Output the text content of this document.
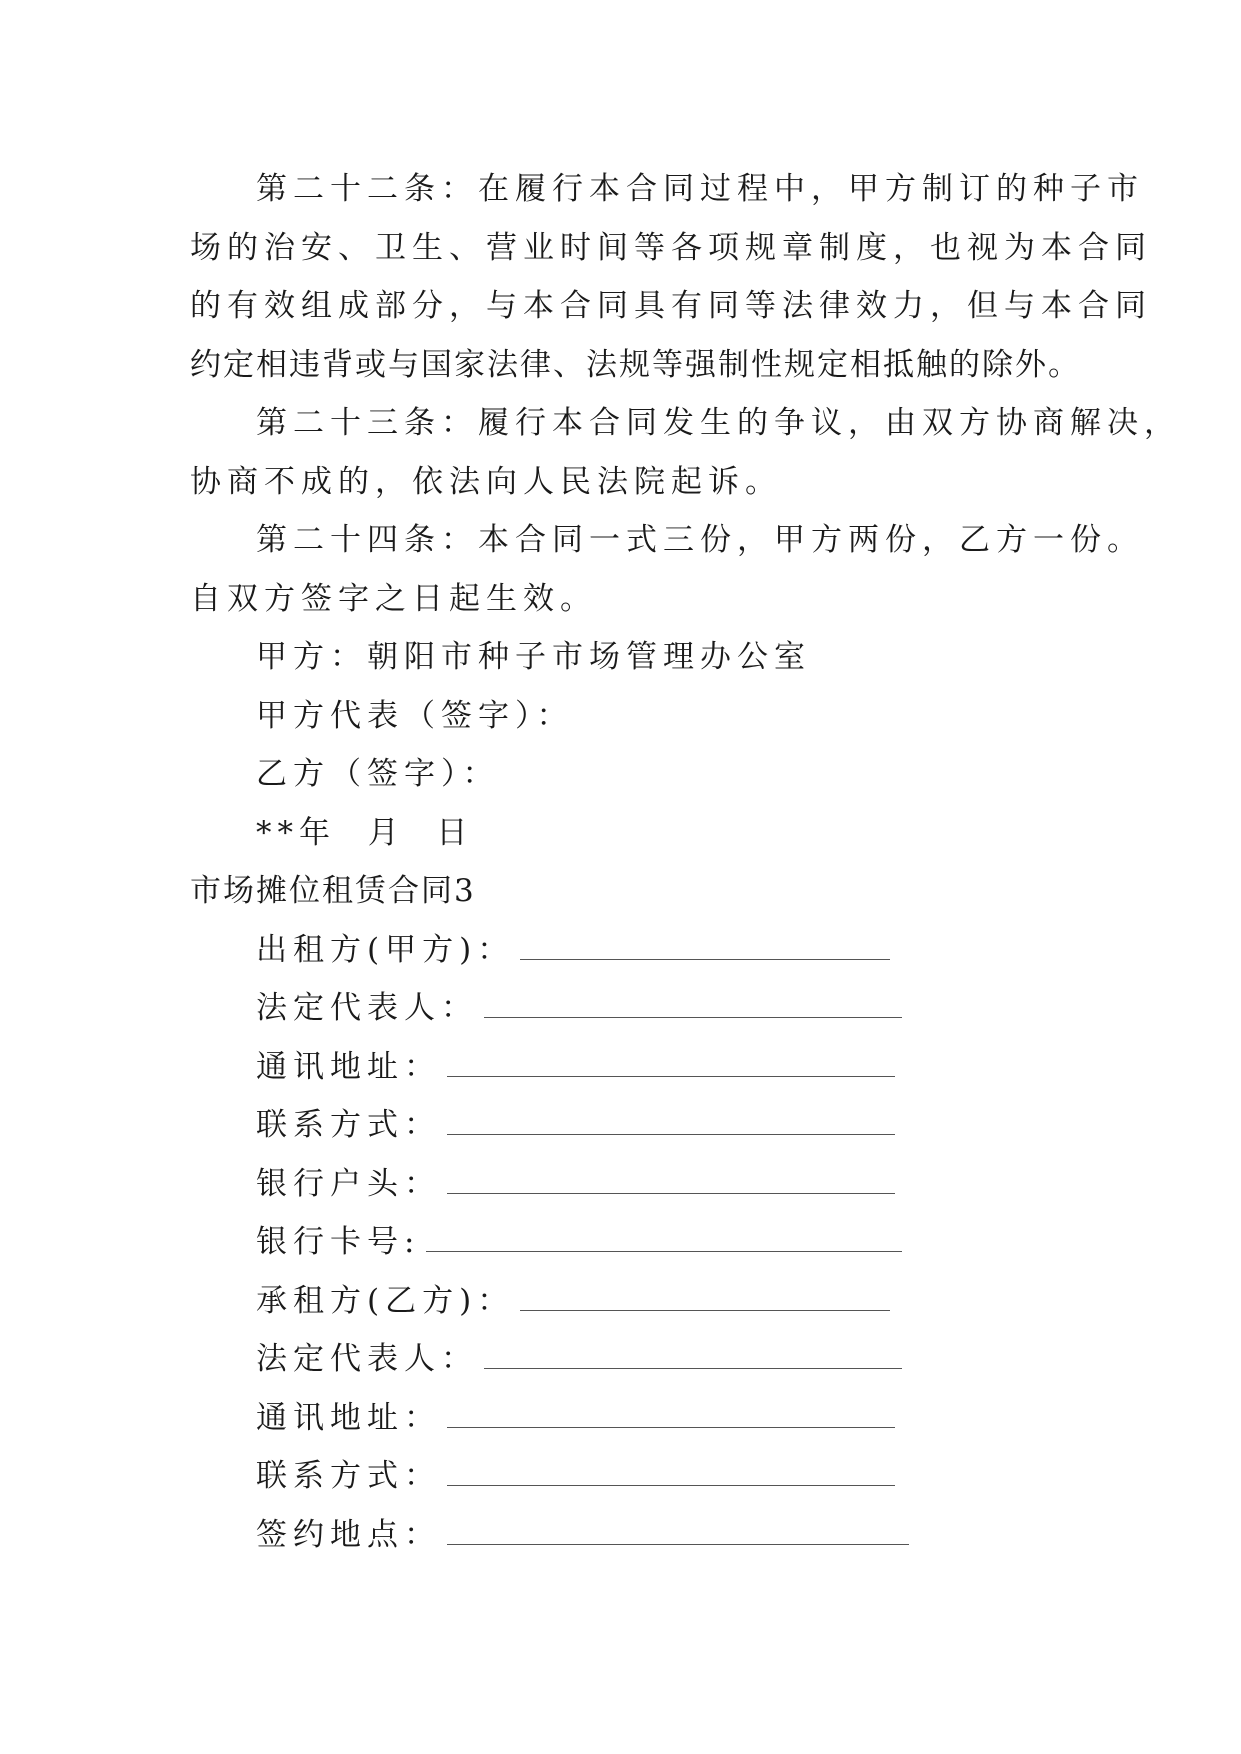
第二十二条：在履行本合同过程中，甲方制订的种子市
场的治安、卫生、营业时间等各项规章制度，也视为本合同
的有效组成部分，与本合同具有同等法律效力，但与本合同
约定相违背或与国家法律、法规等强制性规定相抵触的除外。
第二十三条：履行本合同发生的争议，由双方协商解决，
协商不成的，依法向人民法院起诉。
第二十四条：本合同一式三份，甲方两份，乙方一份。
自双方签字之日起生效。
甲方：朝阳市种子市场管理办公室
甲方代表（签字）：
乙方（签字）：
**年  月  日
市场摊位租赁合同3
出租方(甲方)：
法定代表人：
通讯地址：
联系方式：
银行户头：
银行卡号:
承租方(乙方)：
法定代表人：
通讯地址：
联系方式：
签约地点：
